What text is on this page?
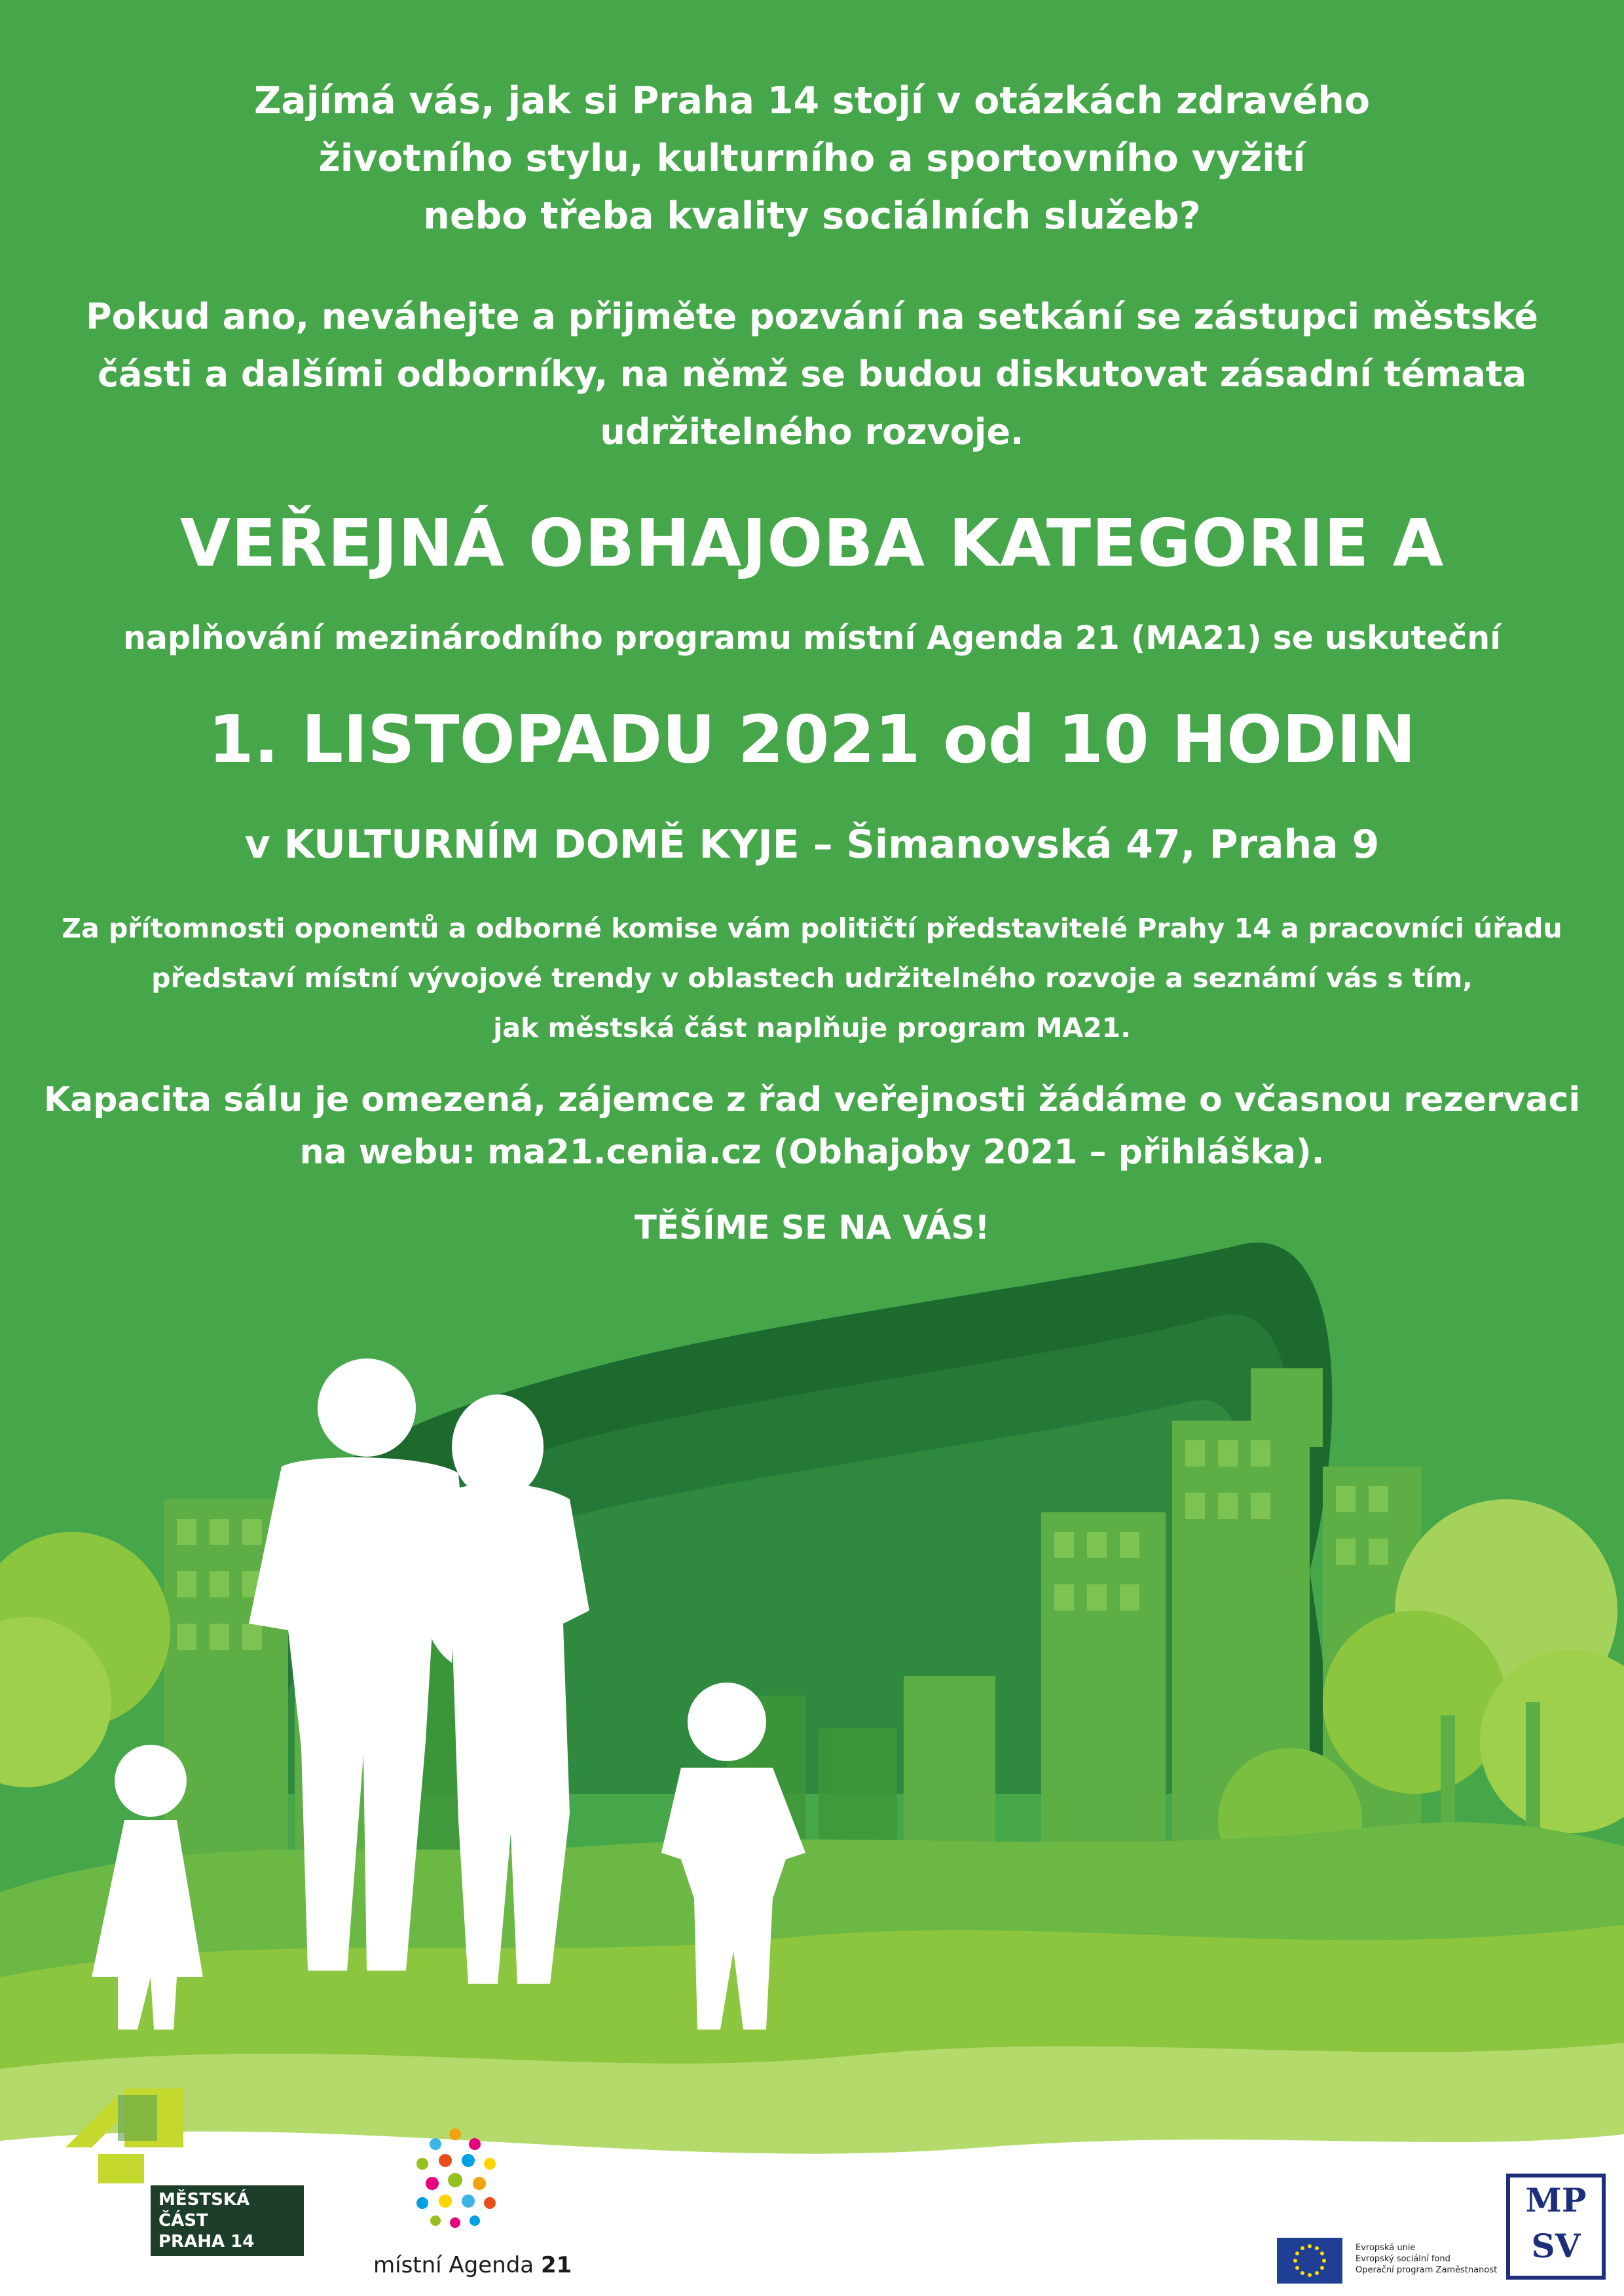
Zajímá vás, jak si Praha 14 stojí v otázkách zdravého
životního stylu, kulturního a sportovního vyžití
nebo třeba kvality sociálních služeb?
Pokud ano, neváhejte a přijměte pozvání na setkání se zástupci městské
části a dalšími odborníky, na němž se budou diskutovat zásadní témata
udržitelného rozvoje.
VEŘEJNÁ OBHAJOBA KATEGORIE A
naplňování mezinárodního programu místní Agenda 21 (MA21) se uskuteční
1. LISTOPADU 2021 od 10 HODIN
v KULTURNÍM DOMĚ KYJE – Šimanovská 47, Praha 9
Za přítomnosti oponentů a odborné komise vám političtí představitelé Prahy 14 a pracovníci úřadu
představí místní vývojové trendy v oblastech udržitelného rozvoje a seznámí vás s tím,
jak městská část naplňuje program MA21.
Kapacita sálu je omezená, zájemce z řad veřejnosti žádáme o včasnou rezervaci
na webu: ma21.cenia.cz (Obhajoby 2021 – přihláška).
TĚŠÍME SE NA VÁS!
MĚSTSKÁ ČÁST
PRAHA 14
místní Agenda 21
Evropská unie
Evropský sociální fond
Operační program Zaměstnanost
MP
SV
